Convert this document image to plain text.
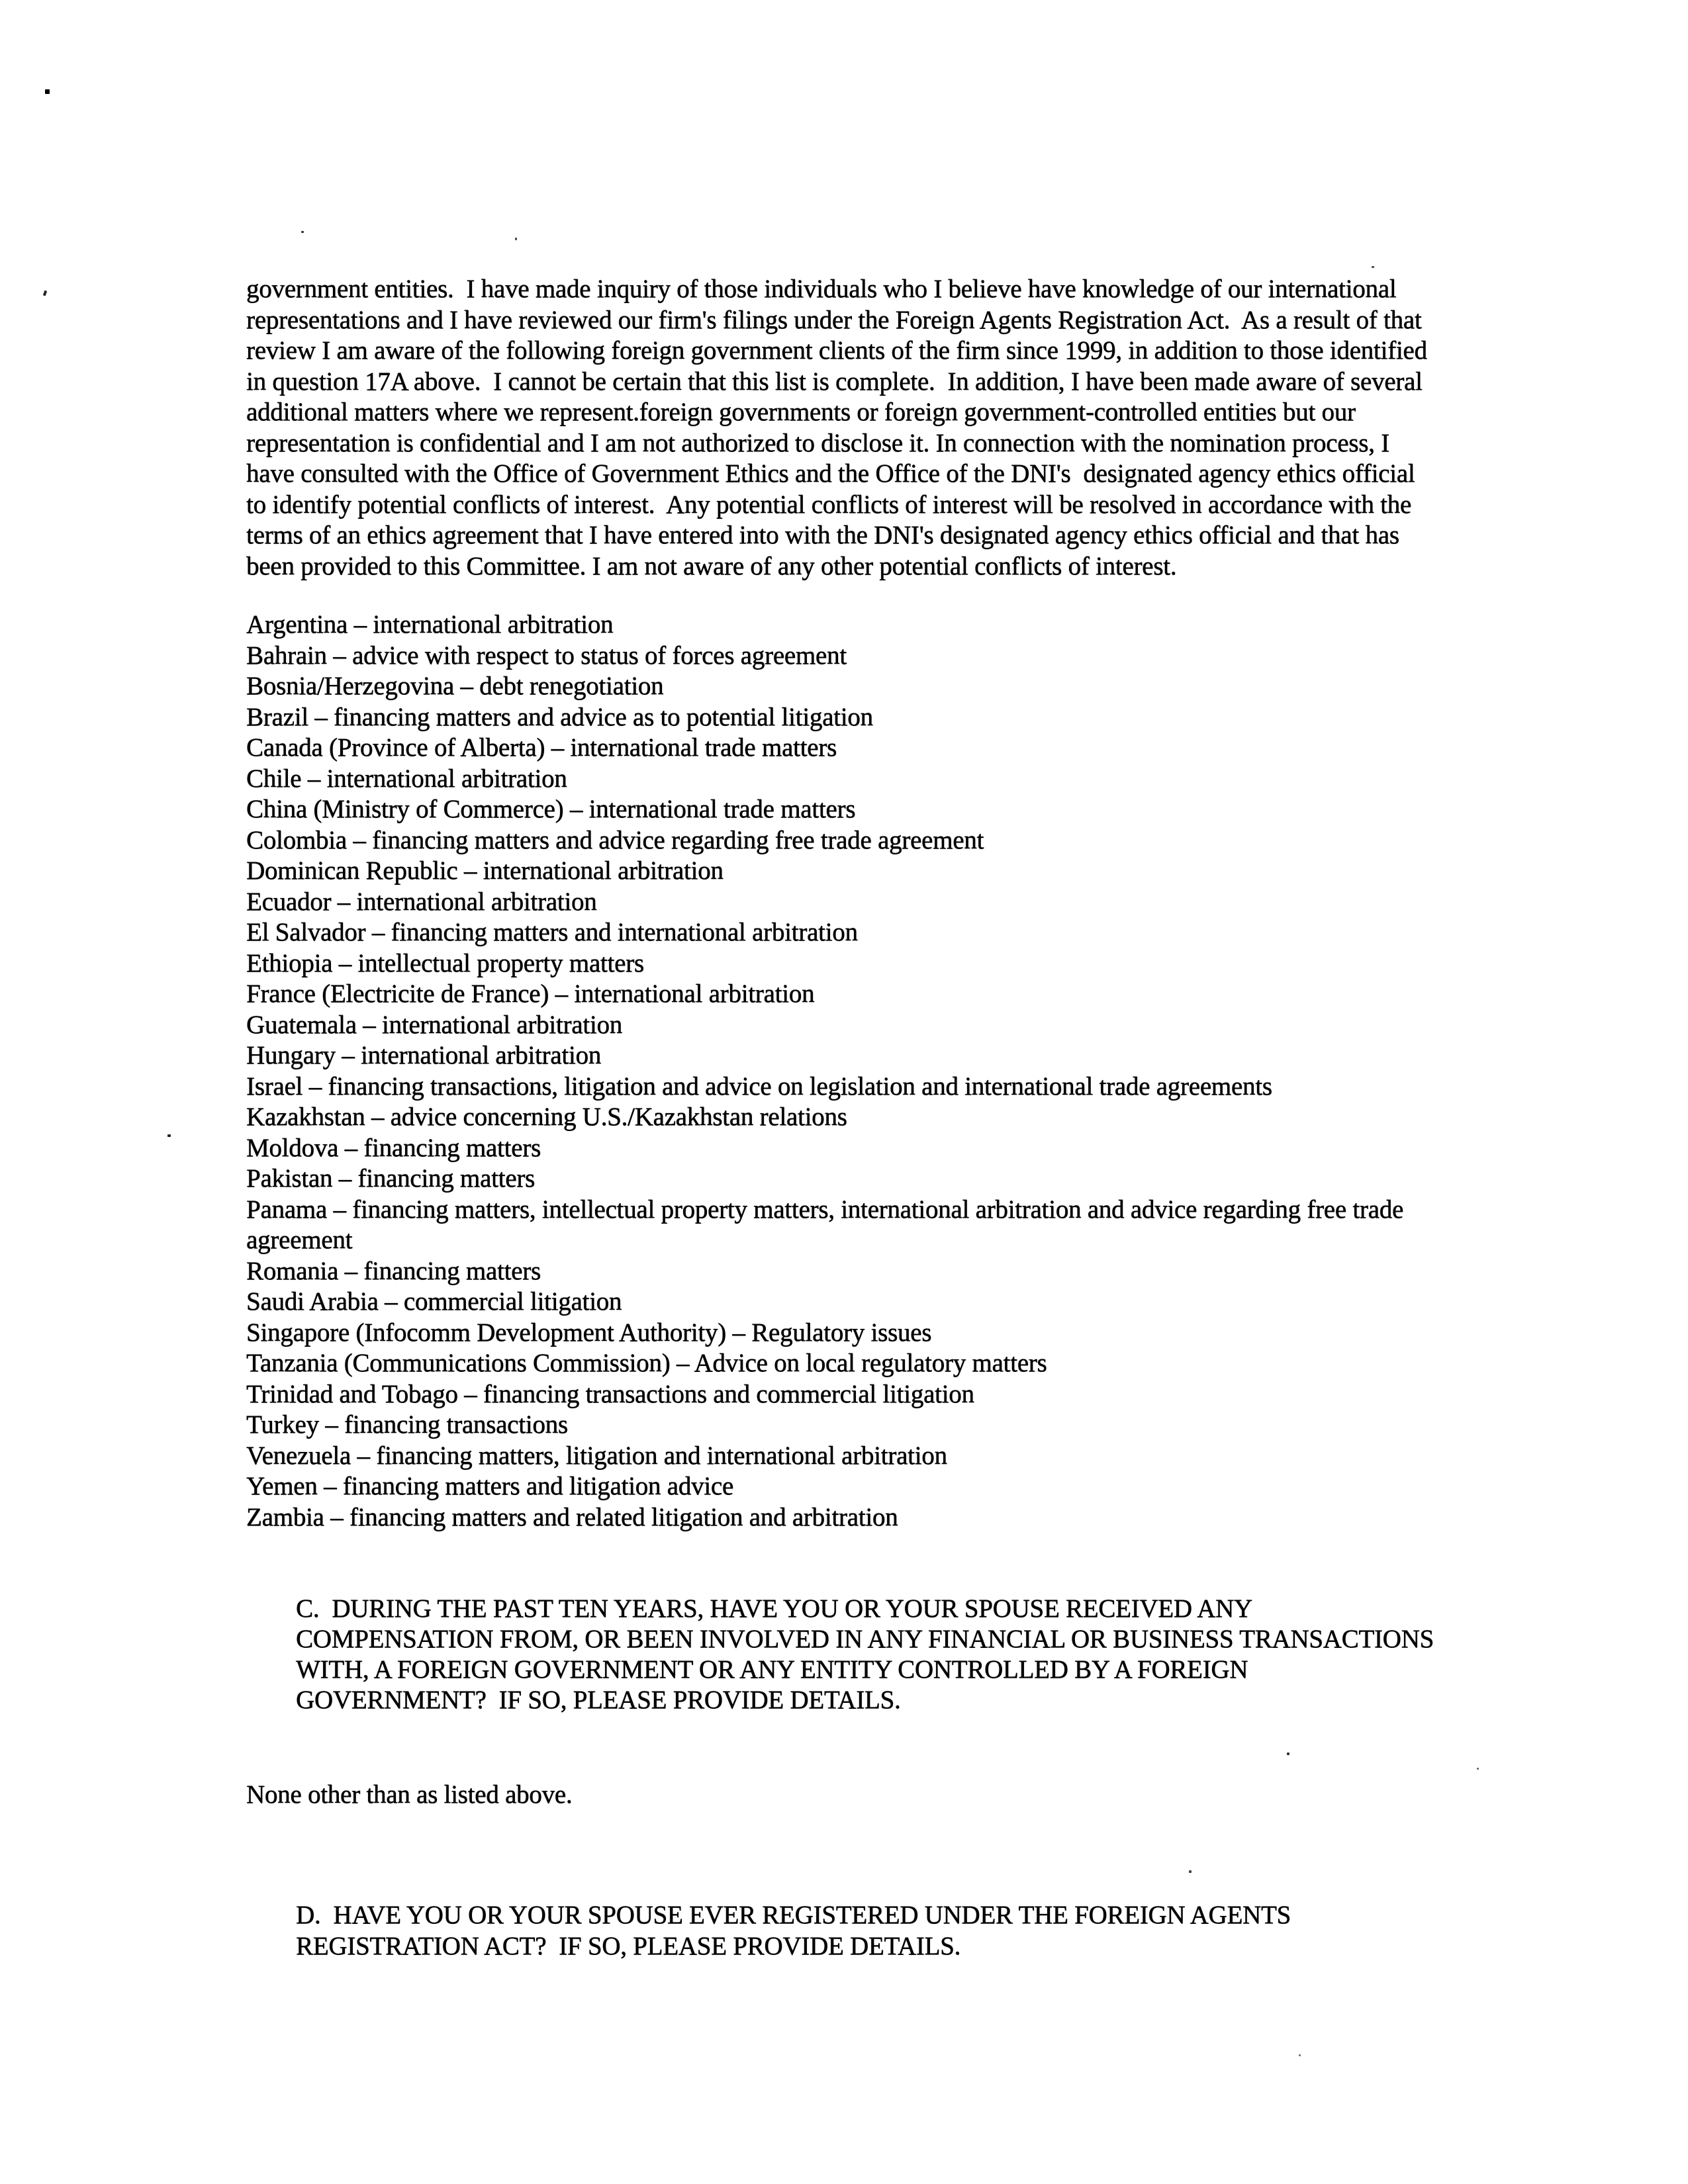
government entities.  I have made inquiry of those individuals who I believe have knowledge of our international
representations and I have reviewed our firm's filings under the Foreign Agents Registration Act.  As a result of that
review I am aware of the following foreign government clients of the firm since 1999, in addition to those identified
in question 17A above.  I cannot be certain that this list is complete.  In addition, I have been made aware of several
additional matters where we represent.foreign governments or foreign government-controlled entities but our
representation is confidential and I am not authorized to disclose it. In connection with the nomination process, I
have consulted with the Office of Government Ethics and the Office of the DNI's  designated agency ethics official
to identify potential conflicts of interest.  Any potential conflicts of interest will be resolved in accordance with the
terms of an ethics agreement that I have entered into with the DNI's designated agency ethics official and that has
been provided to this Committee. I am not aware of any other potential conflicts of interest.
Argentina – international arbitration
Bahrain – advice with respect to status of forces agreement
Bosnia/Herzegovina – debt renegotiation
Brazil – financing matters and advice as to potential litigation
Canada (Province of Alberta) – international trade matters
Chile – international arbitration
China (Ministry of Commerce) – international trade matters
Colombia – financing matters and advice regarding free trade agreement
Dominican Republic – international arbitration
Ecuador – international arbitration
El Salvador – financing matters and international arbitration
Ethiopia – intellectual property matters
France (Electricite de France) – international arbitration
Guatemala – international arbitration
Hungary – international arbitration
Israel – financing transactions, litigation and advice on legislation and international trade agreements
Kazakhstan – advice concerning U.S./Kazakhstan relations
Moldova – financing matters
Pakistan – financing matters
Panama – financing matters, intellectual property matters, international arbitration and advice regarding free trade
agreement
Romania – financing matters
Saudi Arabia – commercial litigation
Singapore (Infocomm Development Authority) – Regulatory issues
Tanzania (Communications Commission) – Advice on local regulatory matters
Trinidad and Tobago – financing transactions and commercial litigation
Turkey – financing transactions
Venezuela – financing matters, litigation and international arbitration
Yemen – financing matters and litigation advice
Zambia – financing matters and related litigation and arbitration
C.  DURING THE PAST TEN YEARS, HAVE YOU OR YOUR SPOUSE RECEIVED ANY
COMPENSATION FROM, OR BEEN INVOLVED IN ANY FINANCIAL OR BUSINESS TRANSACTIONS
WITH, A FOREIGN GOVERNMENT OR ANY ENTITY CONTROLLED BY A FOREIGN
GOVERNMENT?  IF SO, PLEASE PROVIDE DETAILS.
None other than as listed above.
D.  HAVE YOU OR YOUR SPOUSE EVER REGISTERED UNDER THE FOREIGN AGENTS
REGISTRATION ACT?  IF SO, PLEASE PROVIDE DETAILS.
